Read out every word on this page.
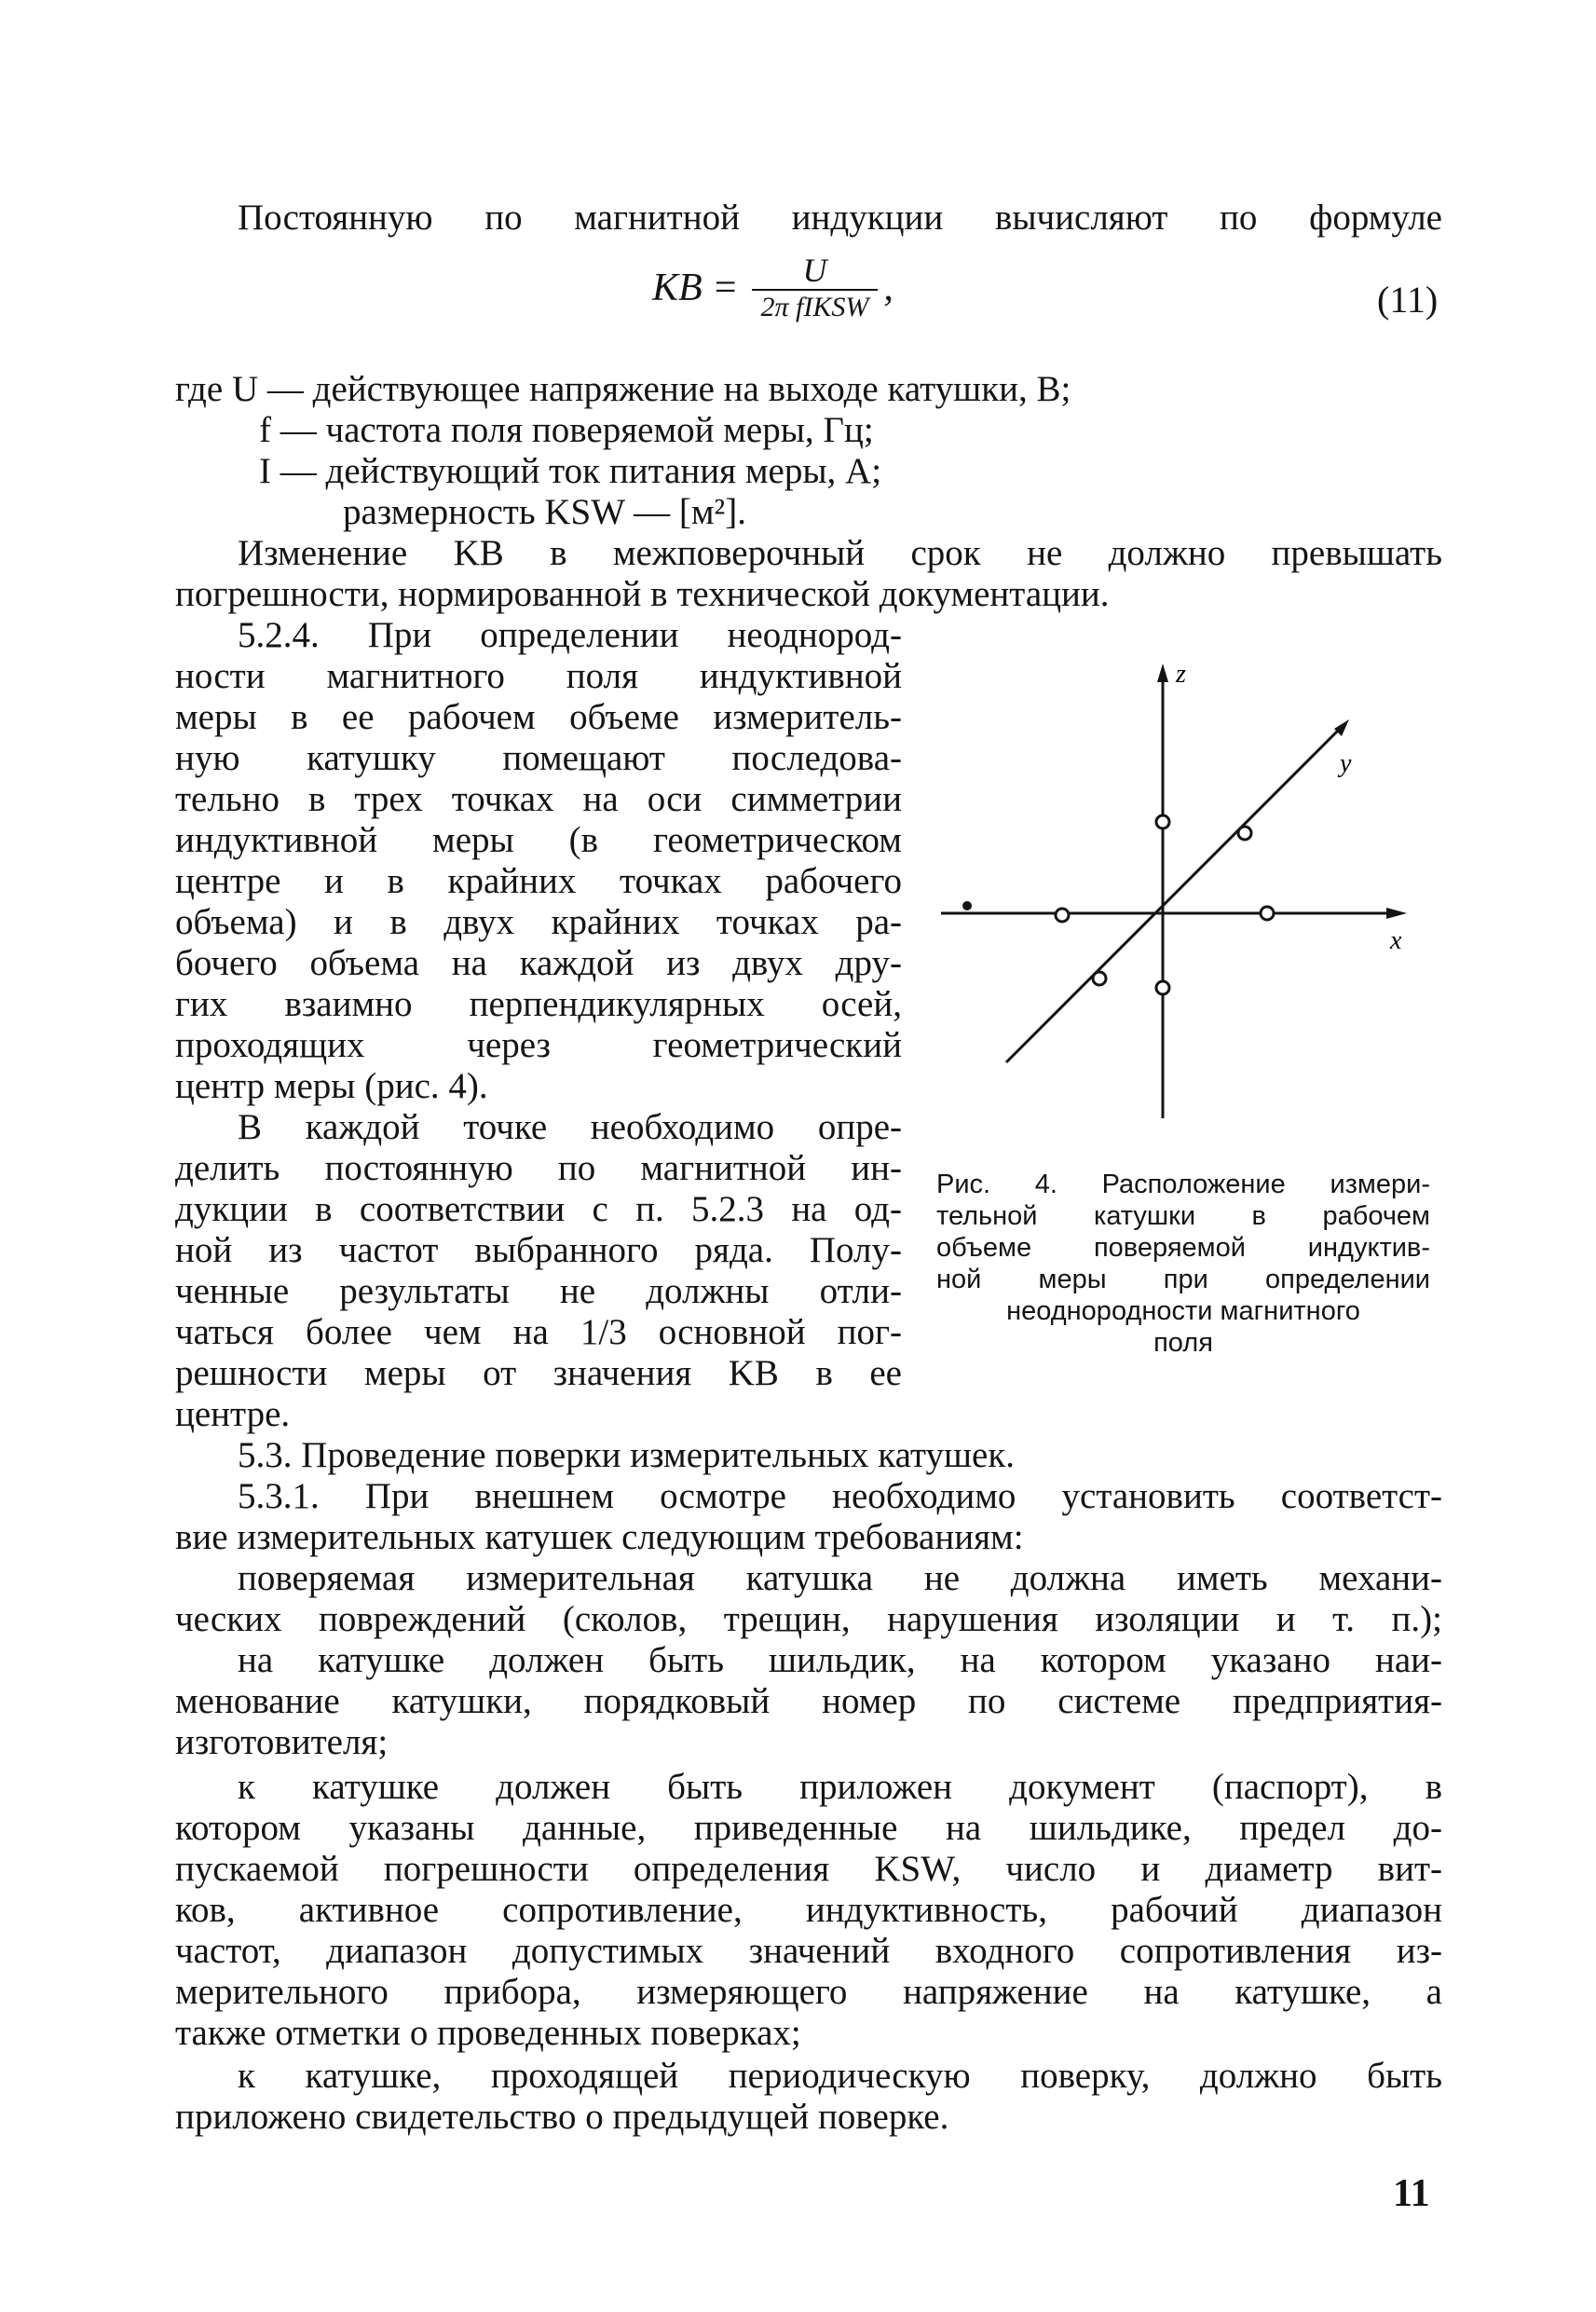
Постоянную по магнитной индукции вычисляют по формуле
KB = $\frac{U}{\text{2π fIKSW}}$ ,	(11)
где U — действующее напряжение на выходе катушки, В;
f — частота поля поверяемой меры, Гц;
I — действующий ток питания меры, А;
размерность KSW — [м²].
Изменение KB в межповерочный срок не должно превышать
погрешности, нормированной в технической документации.
5.2.4. При определении неоднород-
ности магнитного поля индуктивной
меры в ее рабочем объеме измеритель-
ную катушку помещают последова-
тельно в трех точках на оси симметрии
индуктивной меры (в геометрическом
центре и в крайних точках рабочего
объема) и в двух крайних точках ра-
бочего объема на каждой из двух дру-
гих взаимно перпендикулярных осей,
проходящих через геометрический
центр меры (рис. 4).
В каждой точке необходимо опре-
делить постоянную по магнитной ин-
дукции в соответствии с п. 5.2.3 на од-
ной из частот выбранного ряда. Полу-
ченные результаты не должны отли-
чаться более чем на 1/3 основной пог-
решности меры от значения KB в ее
центре.
z
x
y
Рис. 4. Расположение измери-
тельной катушки в рабочем
объеме поверяемой индуктив-
ной меры при определении
неоднородности магнитного
поля
5.3. Проведение поверки измерительных катушек.
5.3.1. При внешнем осмотре необходимо установить соответст-
вие измерительных катушек следующим требованиям:
поверяемая измерительная катушка не должна иметь механи-
ческих повреждений (сколов, трещин, нарушения изоляции и т. п.);
на катушке должен быть шильдик, на котором указано наи-
менование катушки, порядковый номер по системе предприятия-
изготовителя;
к катушке должен быть приложен документ (паспорт), в
котором указаны данные, приведенные на шильдике, предел до-
пускаемой погрешности определения KSW, число и диаметр вит-
ков, активное сопротивление, индуктивность, рабочий диапазон
частот, диапазон допустимых значений входного сопротивления из-
мерительного прибора, измеряющего напряжение на катушке, а
также отметки о проведенных поверках;
к катушке, проходящей периодическую поверку, должно быть
приложено свидетельство о предыдущей поверке.
11
